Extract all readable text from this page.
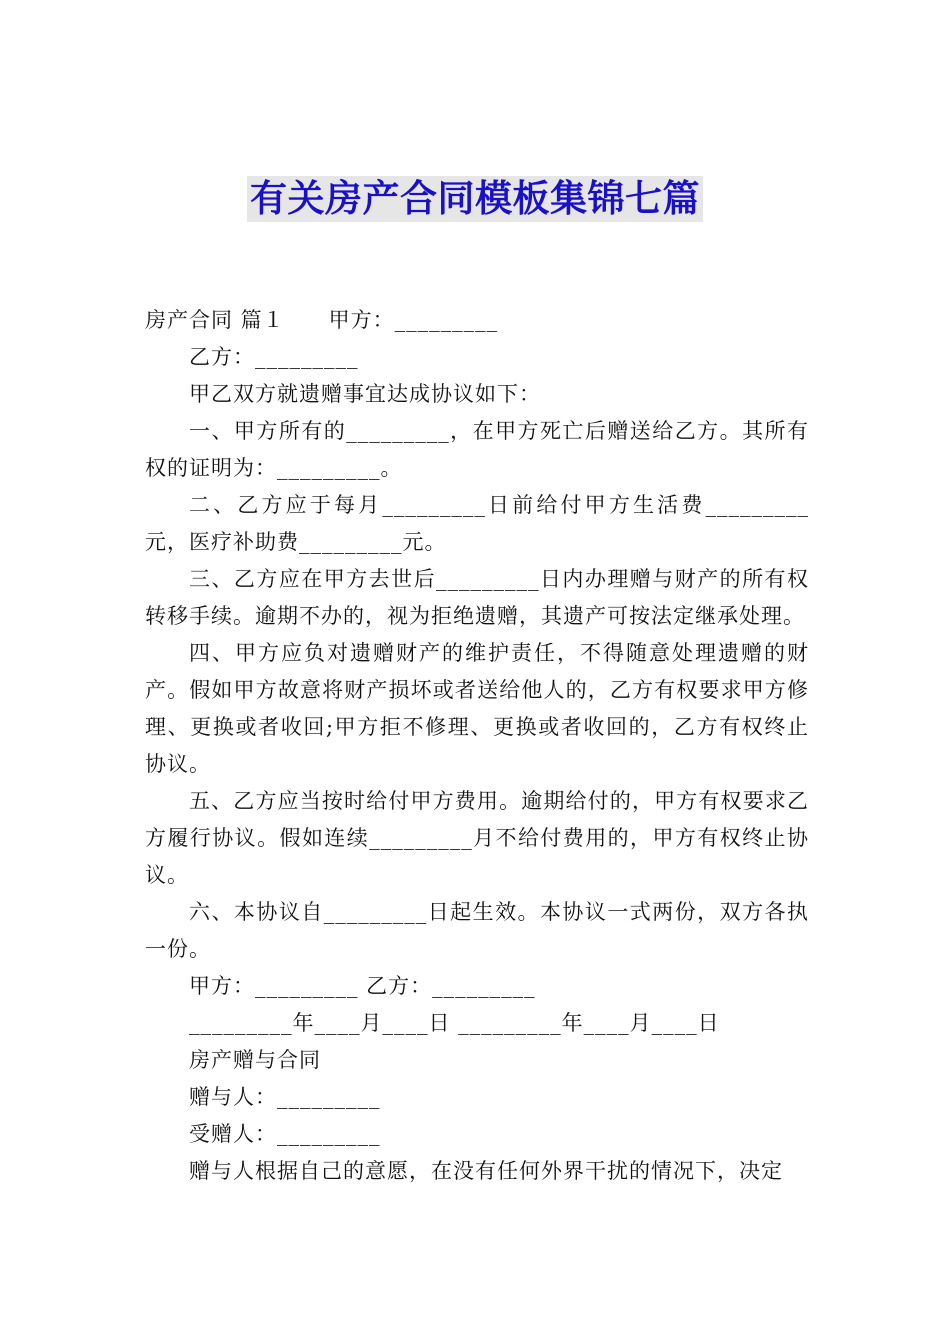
有关房产合同模板集锦七篇

房产合同 篇１　　甲方：_________

乙方：_________

甲乙双方就遗赠事宜达成协议如下：

一、甲方所有的_________，在甲方死亡后赠送给乙方。其所有权的证明为：_________。

二、乙方应于每月_________日前给付甲方生活费_________元，医疗补助费_________元。

三、乙方应在甲方去世后_________日内办理赠与财产的所有权转移手续。逾期不办的，视为拒绝遗赠，其遗产可按法定继承处理。

四、甲方应负对遗赠财产的维护责任，不得随意处理遗赠的财产。假如甲方故意将财产损坏或者送给他人的，乙方有权要求甲方修理、更换或者收回;甲方拒不修理、更换或者收回的，乙方有权终止协议。

五、乙方应当按时给付甲方费用。逾期给付的，甲方有权要求乙方履行协议。假如连续_________月不给付费用的，甲方有权终止协议。

六、本协议自_________日起生效。本协议一式两份，双方各执一份。

甲方：_________ 乙方：_________

_________年____月____日 _________年____月____日

房产赠与合同

赠与人：_________

受赠人：_________

赠与人根据自己的意愿，在没有任何外界干扰的情况下，决定
